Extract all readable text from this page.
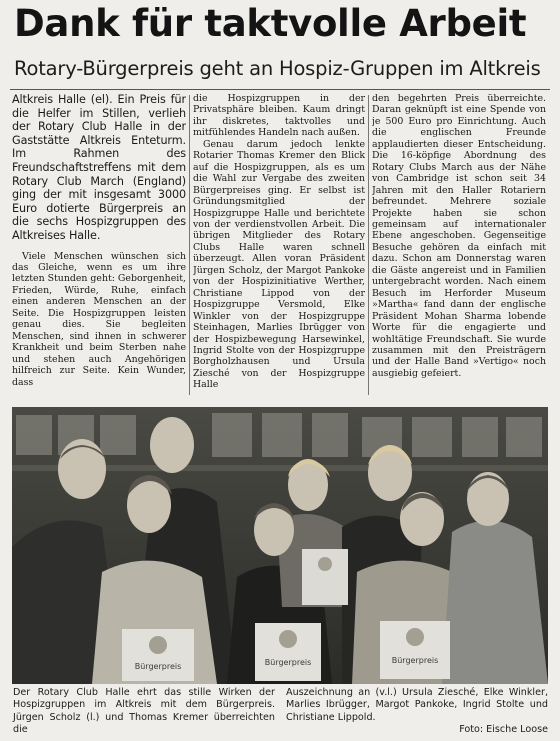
Dank für taktvolle Arbeit
Rotary-Bürgerpreis geht an Hospiz-Gruppen im Altkreis

Altkreis Halle (el). Ein Preis für die Helfer im Stillen, verlieh der Rotary Club Halle in der Gaststätte Altkreis Enteturm. Im Rahmen des Freundschaftstreffens mit dem Rotary Club March (England) ging der mit insgesamt 3000 Euro dotierte Bürgerpreis an die sechs Hospizgruppen des Altkreises Halle.

Viele Menschen wünschen sich das Gleiche, wenn es um ihre letzten Stunden geht: Geborgenheit, Frieden, Würde, Ruhe, einfach einen anderen Menschen an der Seite. Die Hospizgruppen leisten genau dies. Sie begleiten Menschen, sind ihnen in schwerer Krankheit und beim Sterben nahe und stehen auch Angehörigen hilfreich zur Seite. Kein Wunder, dass

die Hospizgruppen in der Privatsphäre bleiben. Kaum dringt ihr diskretes, taktvolles und mitfühlendes Handeln nach außen.

Genau darum jedoch lenkte Rotarier Thomas Kremer den Blick auf die Hospizgruppen, als es um die Wahl zur Vergabe des zweiten Bürgerpreises ging. Er selbst ist Gründungsmitglied der Hospizgruppe Halle und berichtete von der verdienstvollen Arbeit. Die übrigen Mitglieder des Rotary Clubs Halle waren schnell überzeugt. Allen voran Präsident Jürgen Scholz, der Margot Pankoke von der Hospizinitiative Werther, Christiane Lippod von der Hospizgruppe Versmold, Elke Winkler von der Hospizgruppe Steinhagen, Marlies Ibrügger von der Hospizbewegung Harsewinkel, Ingrid Stolte von der Hospizgruppe Borgholzhausen und Ursula Ziesché von der Hospizgruppe Halle

den begehrten Preis überreichte. Daran geknüpft ist eine Spende von je 500 Euro pro Einrichtung. Auch die englischen Freunde applaudierten dieser Entscheidung. Die 16-köpfige Abordnung des Rotary Clubs March aus der Nähe von Cambridge ist schon seit 34 Jahren mit den Haller Rotariern befreundet. Mehrere soziale Projekte haben sie schon gemeinsam auf internationaler Ebene angeschoben. Gegenseitige Besuche gehören da einfach mit dazu. Schon am Donnerstag waren die Gäste angereist und in Familien untergebracht worden. Nach einem Besuch im Herforder Museum »Martha« fand dann der englische Präsident Mohan Sharma lobende Worte für die engagierte und wohltätige Freundschaft. Sie wurde zusammen mit den Preisträgern und der Halle Band »Vertigo« noch ausgiebig gefeiert.

Bürgerpreis	Bürgerpreis	Bürgerpreis
Der Rotary Club Halle ehrt das stille Wirken der Hospizgruppen im Altkreis mit dem Bürgerpreis. Jürgen Scholz (l.) und Thomas Kremer überreichten die
Auszeichnung an (v.l.) Ursula Ziesché, Elke Winkler, Marlies Ibrügger, Margot Pankoke, Ingrid Stolte und Christiane Lippold.
Foto: Eische Loose
